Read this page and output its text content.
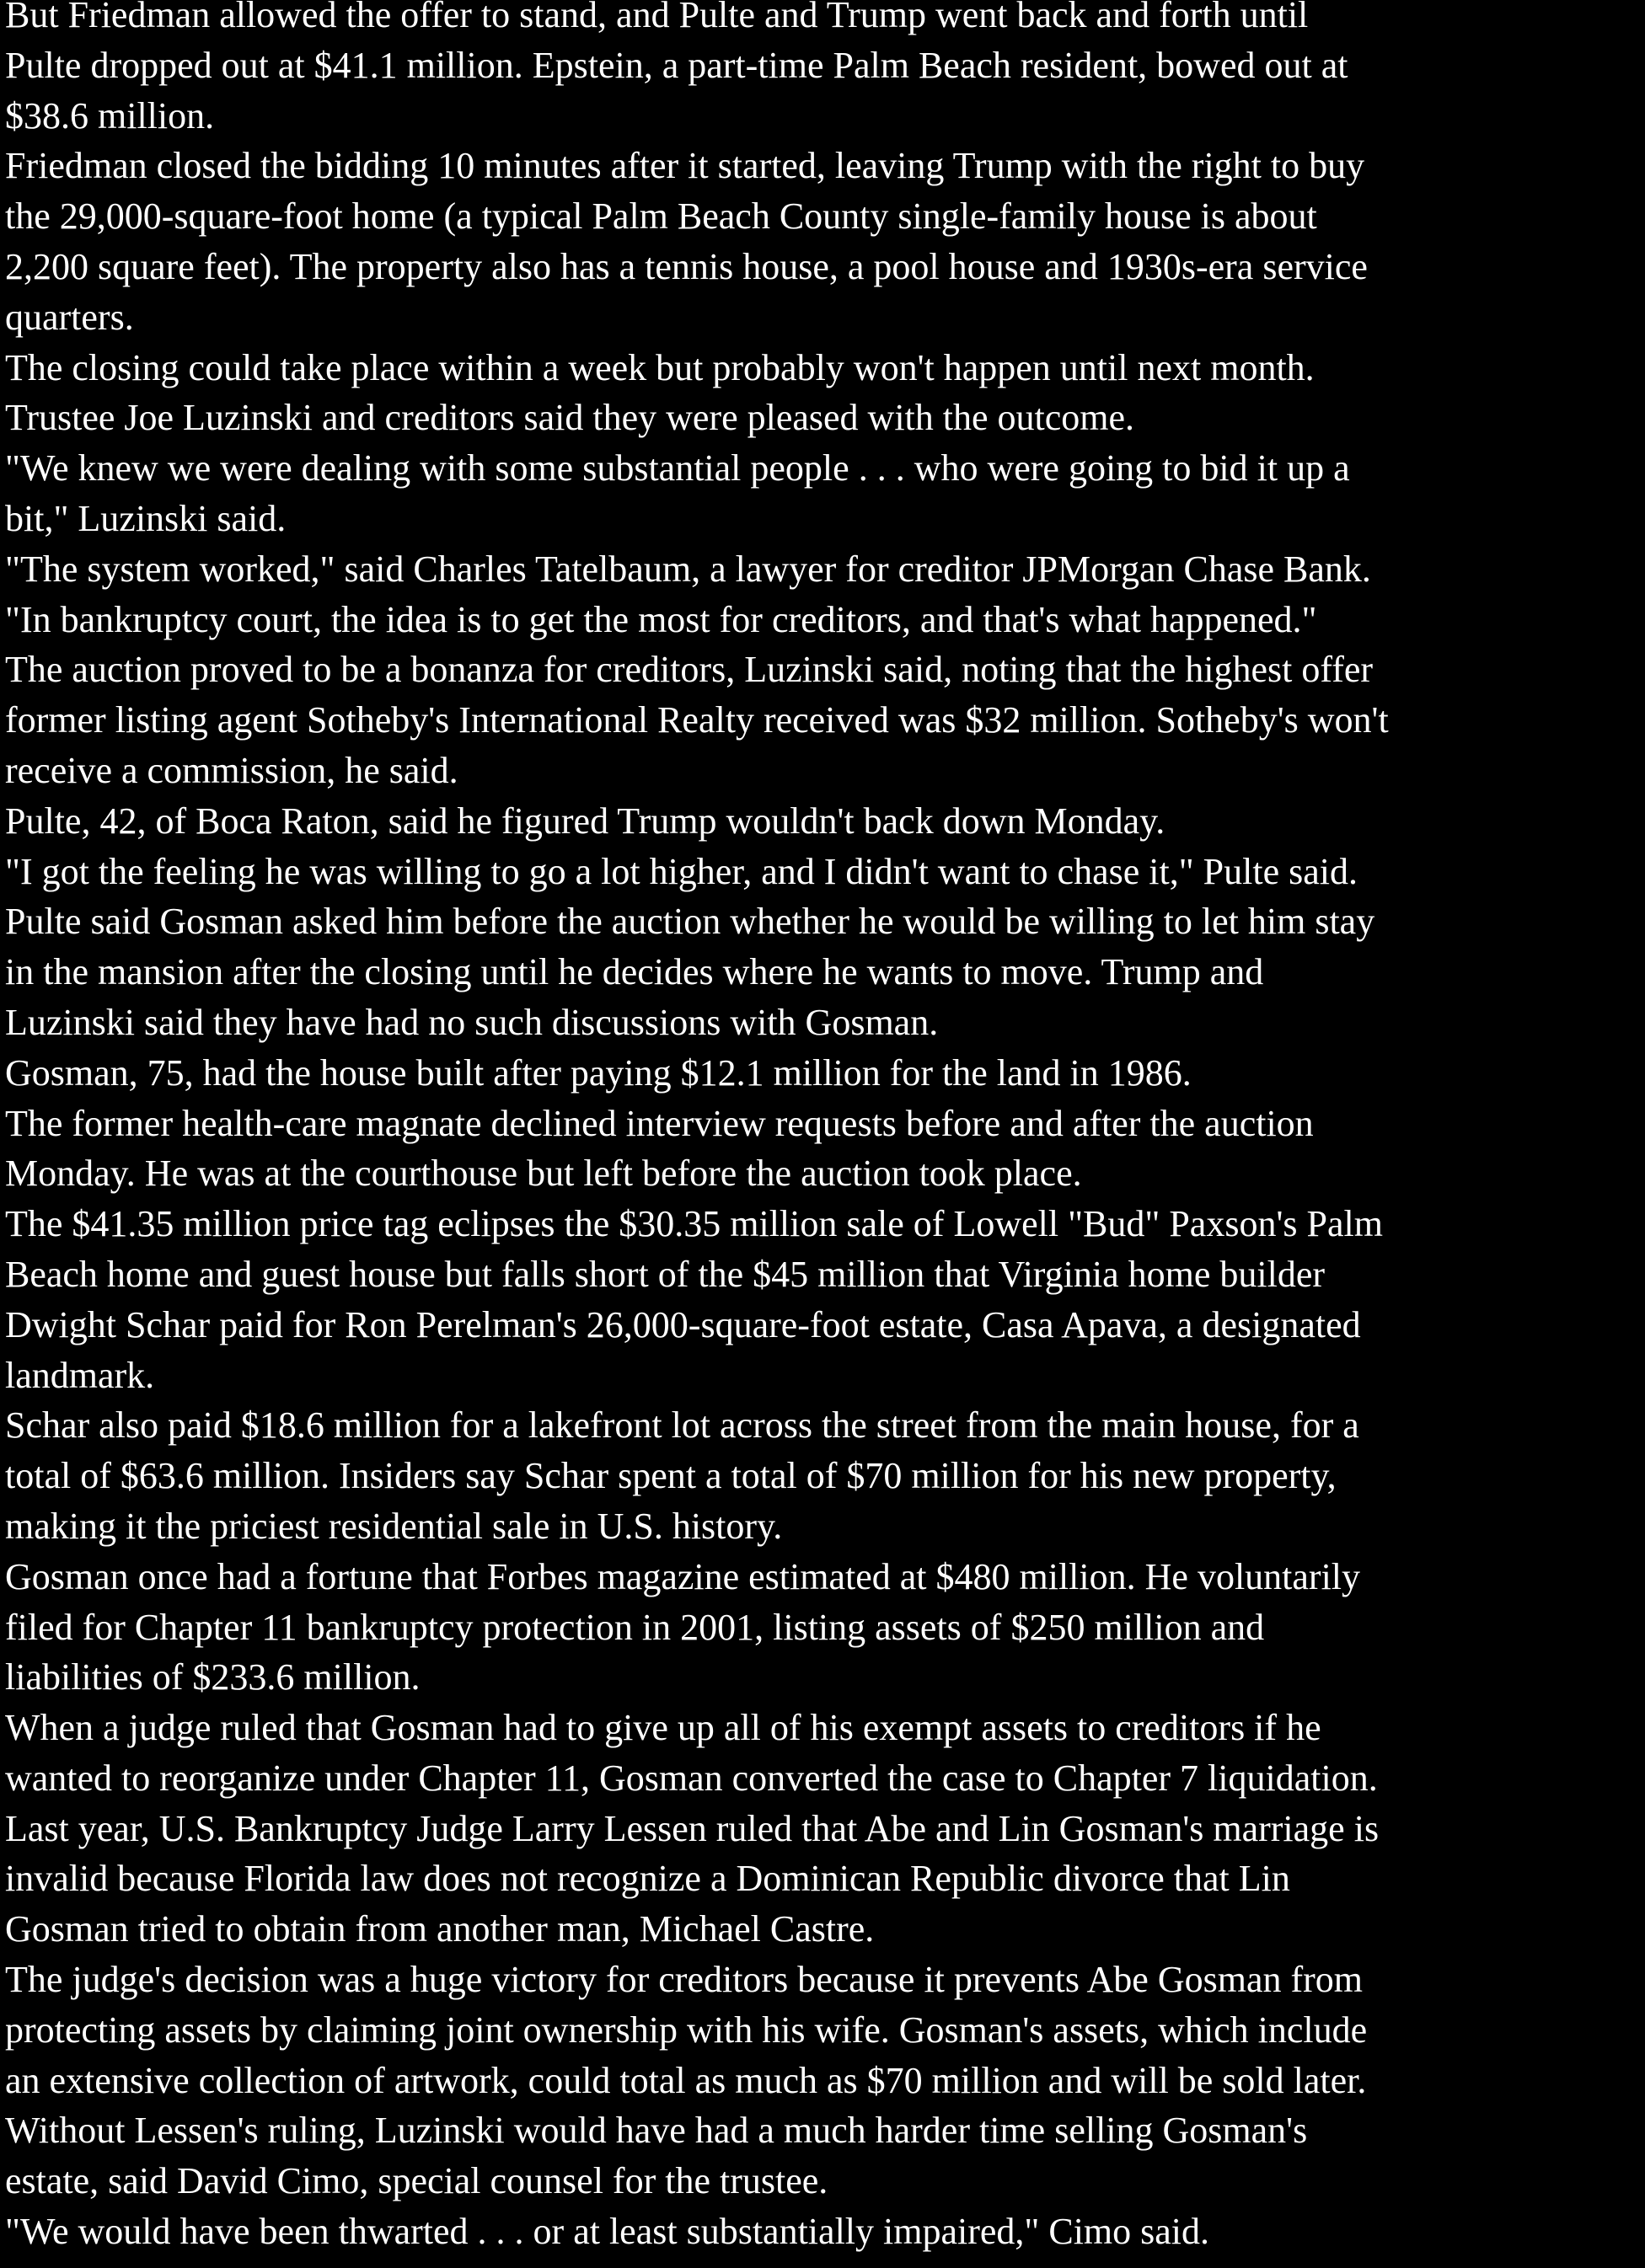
But Friedman allowed the offer to stand, and Pulte and Trump went back and forth until
Pulte dropped out at $41.1 million. Epstein, a part-time Palm Beach resident, bowed out at
$38.6 million.
Friedman closed the bidding 10 minutes after it started, leaving Trump with the right to buy
the 29,000-square-foot home (a typical Palm Beach County single-family house is about
2,200 square feet). The property also has a tennis house, a pool house and 1930s-era service
quarters.
The closing could take place within a week but probably won't happen until next month.
Trustee Joe Luzinski and creditors said they were pleased with the outcome.
"We knew we were dealing with some substantial people . . . who were going to bid it up a
bit," Luzinski said.
"The system worked," said Charles Tatelbaum, a lawyer for creditor JPMorgan Chase Bank.
"In bankruptcy court, the idea is to get the most for creditors, and that's what happened."
The auction proved to be a bonanza for creditors, Luzinski said, noting that the highest offer
former listing agent Sotheby's International Realty received was $32 million. Sotheby's won't
receive a commission, he said.
Pulte, 42, of Boca Raton, said he figured Trump wouldn't back down Monday.
"I got the feeling he was willing to go a lot higher, and I didn't want to chase it," Pulte said.
Pulte said Gosman asked him before the auction whether he would be willing to let him stay
in the mansion after the closing until he decides where he wants to move. Trump and
Luzinski said they have had no such discussions with Gosman.
Gosman, 75, had the house built after paying $12.1 million for the land in 1986.
The former health-care magnate declined interview requests before and after the auction
Monday. He was at the courthouse but left before the auction took place.
The $41.35 million price tag eclipses the $30.35 million sale of Lowell "Bud" Paxson's Palm
Beach home and guest house but falls short of the $45 million that Virginia home builder
Dwight Schar paid for Ron Perelman's 26,000-square-foot estate, Casa Apava, a designated
landmark.
Schar also paid $18.6 million for a lakefront lot across the street from the main house, for a
total of $63.6 million. Insiders say Schar spent a total of $70 million for his new property,
making it the priciest residential sale in U.S. history.
Gosman once had a fortune that Forbes magazine estimated at $480 million. He voluntarily
filed for Chapter 11 bankruptcy protection in 2001, listing assets of $250 million and
liabilities of $233.6 million.
When a judge ruled that Gosman had to give up all of his exempt assets to creditors if he
wanted to reorganize under Chapter 11, Gosman converted the case to Chapter 7 liquidation.
Last year, U.S. Bankruptcy Judge Larry Lessen ruled that Abe and Lin Gosman's marriage is
invalid because Florida law does not recognize a Dominican Republic divorce that Lin
Gosman tried to obtain from another man, Michael Castre.
The judge's decision was a huge victory for creditors because it prevents Abe Gosman from
protecting assets by claiming joint ownership with his wife. Gosman's assets, which include
an extensive collection of artwork, could total as much as $70 million and will be sold later.
Without Lessen's ruling, Luzinski would have had a much harder time selling Gosman's
estate, said David Cimo, special counsel for the trustee.
"We would have been thwarted . . . or at least substantially impaired," Cimo said.
